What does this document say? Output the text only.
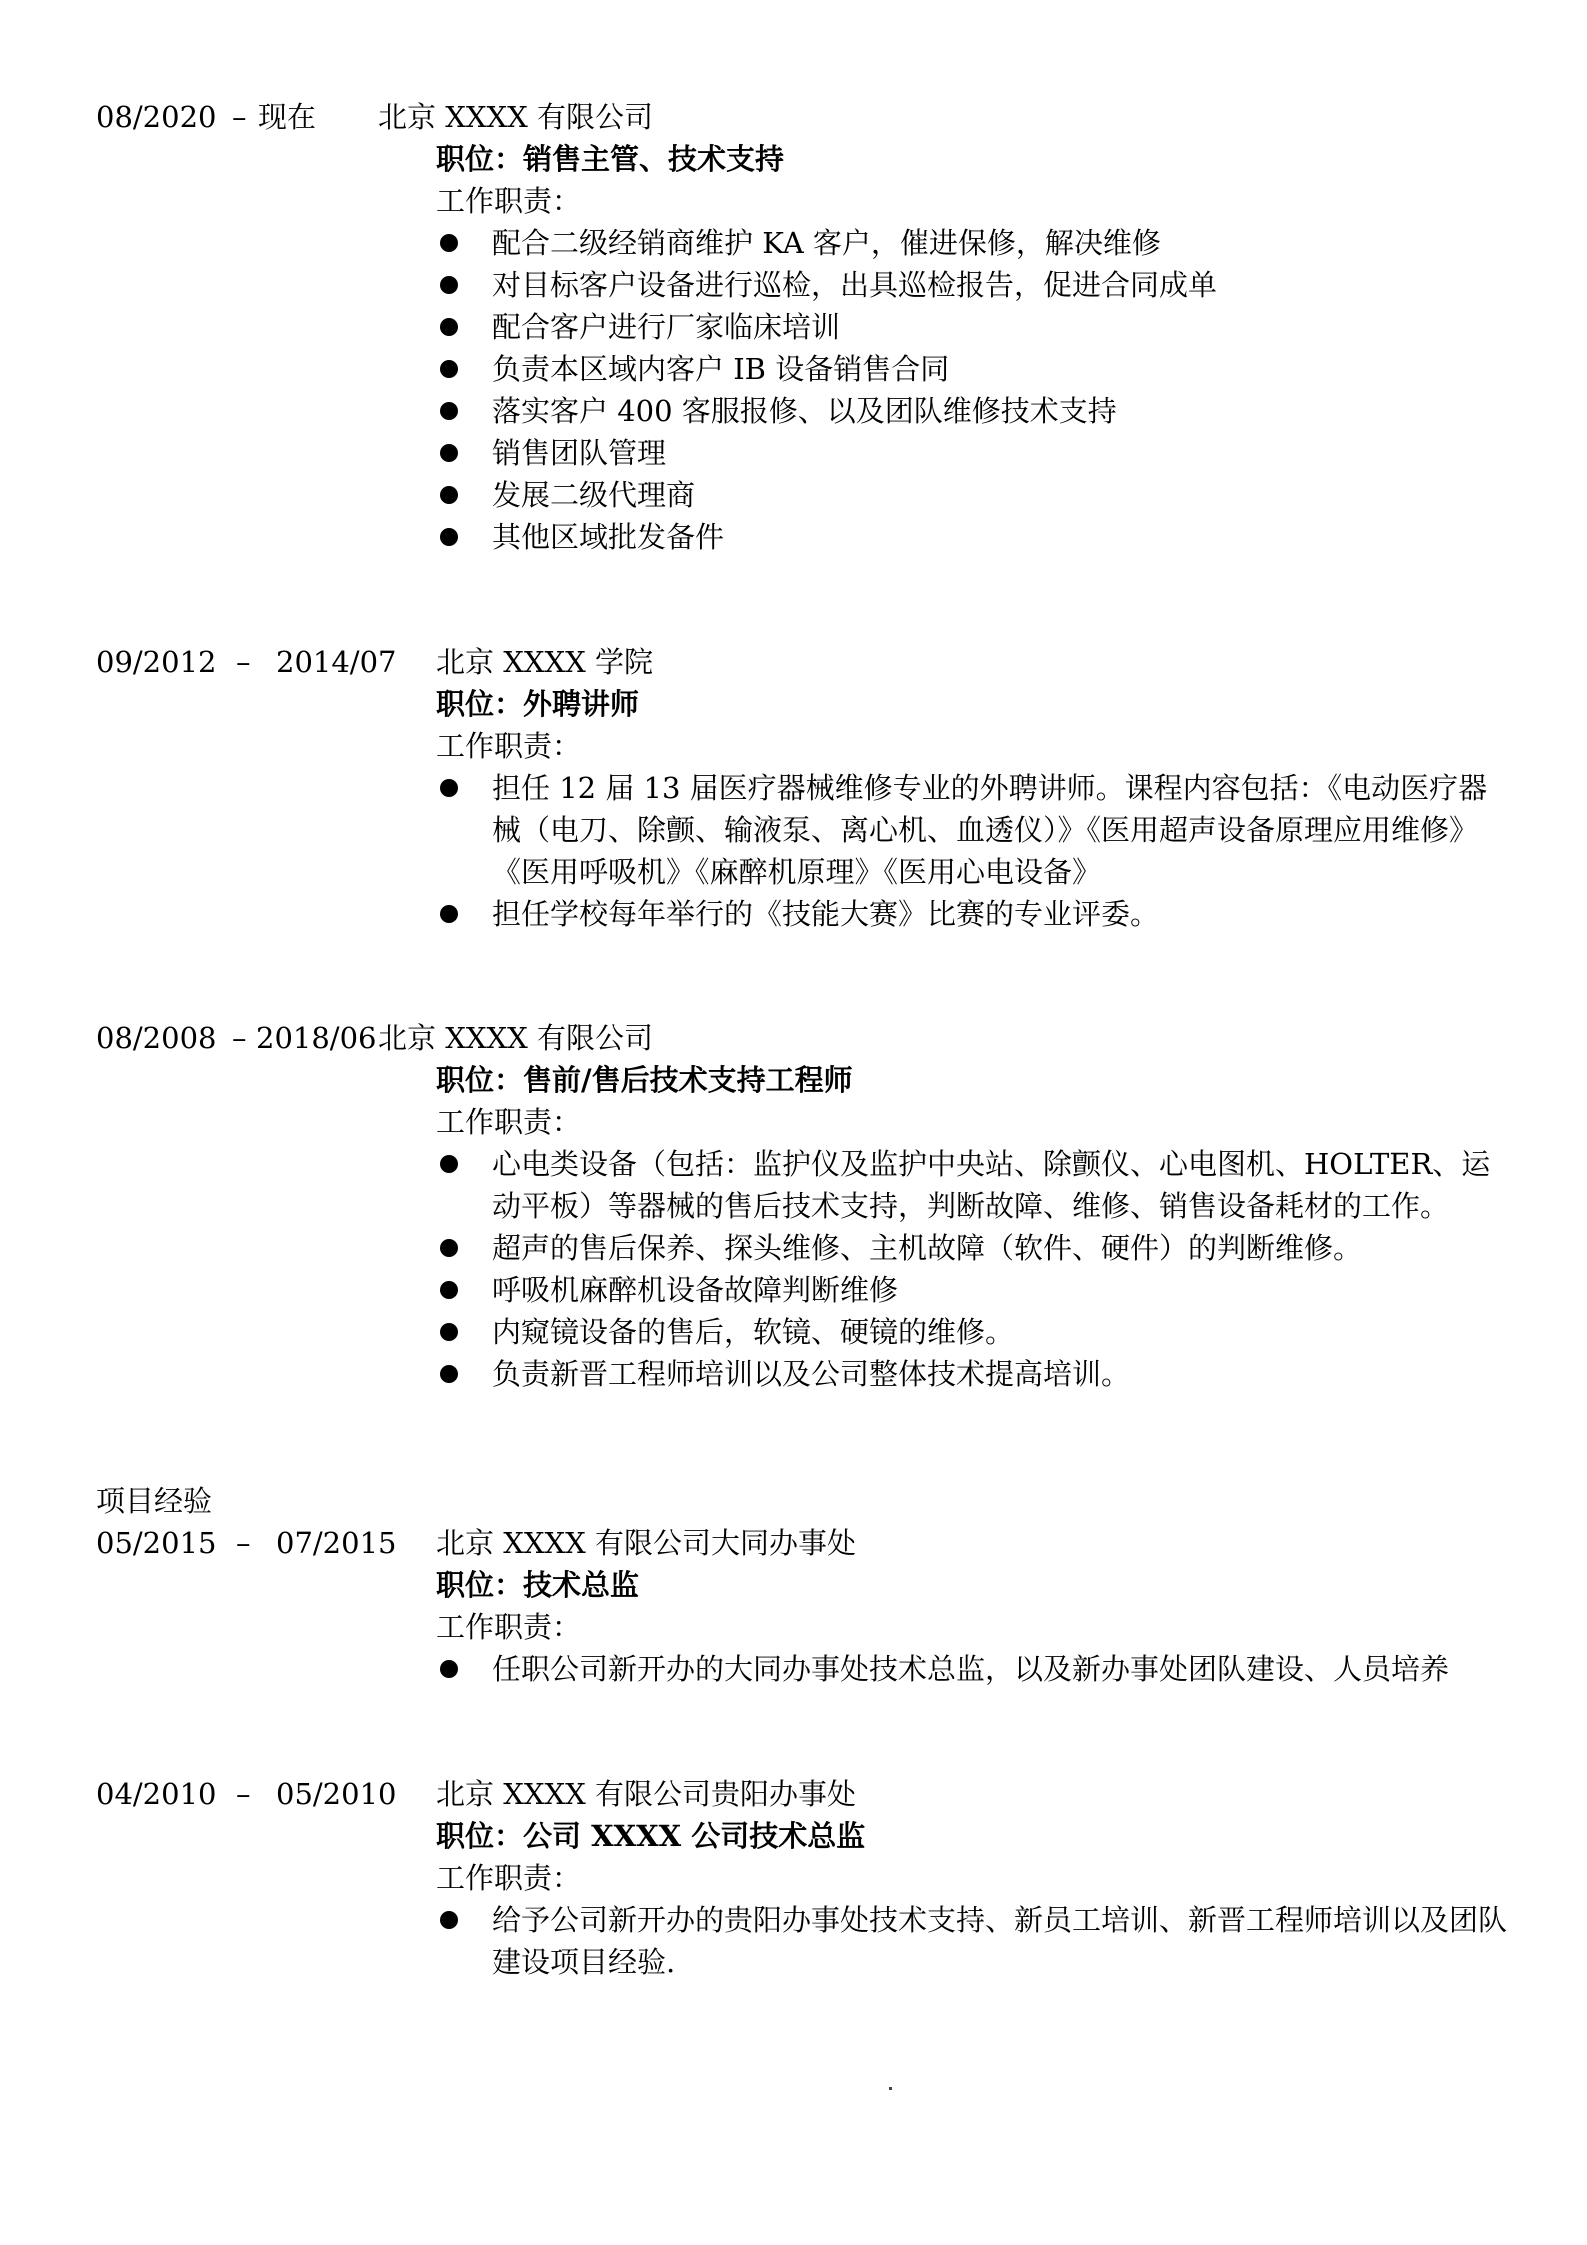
08/2020 – 现在 北京 XXXX 有限公司
职位：销售主管、技术支持
工作职责：
配合二级经销商维护 KA 客户，催进保修，解决维修
对目标客户设备进行巡检，出具巡检报告，促进合同成单
配合客户进行厂家临床培训
负责本区域内客户 IB 设备销售合同
落实客户 400 客服报修、以及团队维修技术支持
销售团队管理
发展二级代理商
其他区域批发备件
09/2012 – 2014/07 北京 XXXX 学院
职位：外聘讲师
工作职责：
担任 12 届 13 届医疗器械维修专业的外聘讲师。课程内容包括：《电动医疗器械（电刀、除颤、输液泵、离心机、血透仪）》《医用超声设备原理应用维修》《医用呼吸机》《麻醉机原理》《医用心电设备》
担任学校每年举行的《技能大赛》比赛的专业评委。
08/2008 – 2018/06 北京 XXXX 有限公司
职位：售前/售后技术支持工程师
工作职责：
心电类设备（包括：监护仪及监护中央站、除颤仪、心电图机、HOLTER、运动平板）等器械的售后技术支持，判断故障、维修、销售设备耗材的工作。
超声的售后保养、探头维修、主机故障（软件、硬件）的判断维修。
呼吸机麻醉机设备故障判断维修
内窥镜设备的售后，软镜、硬镜的维修。
负责新晋工程师培训以及公司整体技术提高培训。
项目经验
05/2015 – 07/2015 北京 XXXX 有限公司大同办事处
职位：技术总监
工作职责：
任职公司新开办的大同办事处技术总监，以及新办事处团队建设、人员培养
04/2010 – 05/2010 北京 XXXX 有限公司贵阳办事处
职位：公司 XXXX 公司技术总监
工作职责：
给予公司新开办的贵阳办事处技术支持、新员工培训、新晋工程师培训以及团队建设项目经验.
